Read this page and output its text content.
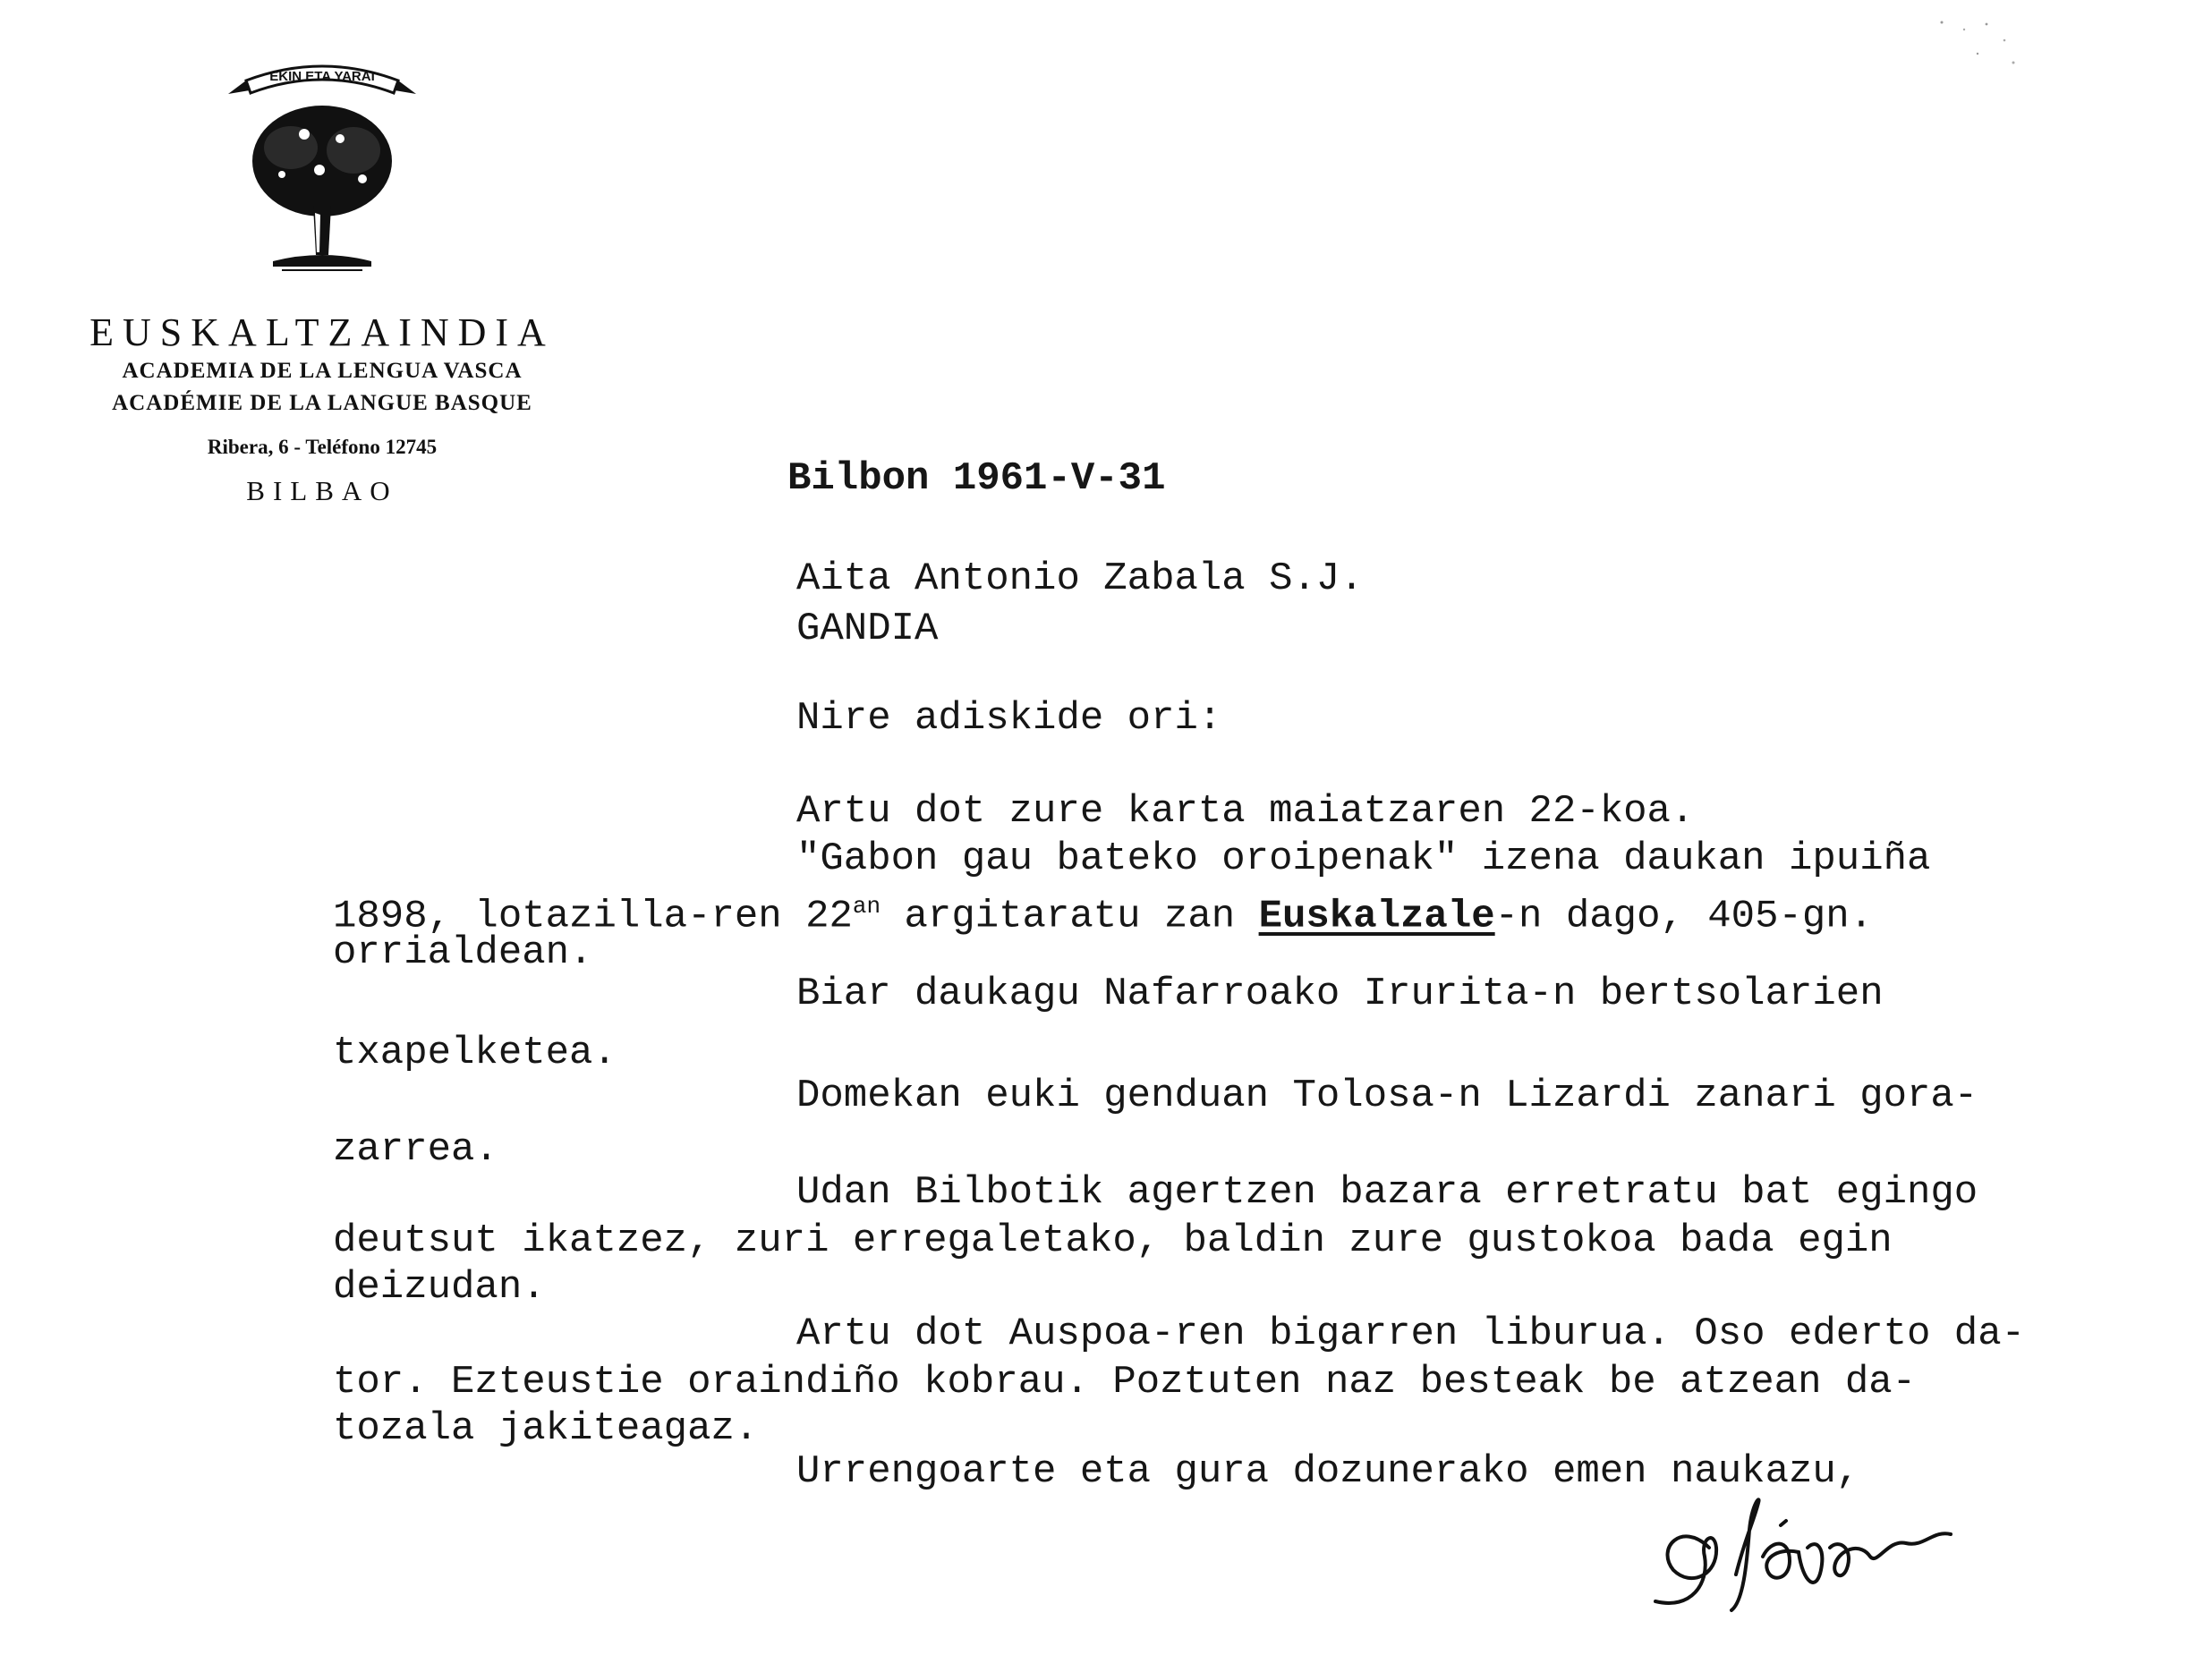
EKIN ETA YARAI
EUSKALTZAINDIA
ACADEMIA DE LA LENGUA VASCA
ACADÉMIE DE LA LANGUE BASQUE
Ribera, 6 - Teléfono 12745
BILBAO	Bilbon 1961-V-31
Aita Antonio Zabala S.J.
GANDIA
Nire adiskide ori:
Artu dot zure karta maiatzaren 22-koa.
"Gabon gau bateko oroipenak" izena daukan ipuiña
1898, lotazilla-ren $22^{an}$ argitaratu zan Euskalzale-n dago, 405-gn.
orrialdean.
Biar daukagu Nafarroako Irurita-n bertsolarien
txapelketea.
Domekan euki genduan Tolosa-n Lizardi zanari gora-
zarrea.
Udan Bilbotik agertzen bazara erretratu bat egingo
deutsut ikatzez, zuri erregaletako, baldin zure gustokoa bada egin
deizudan.
Artu dot Auspoa-ren bigarren liburua. Oso ederto da-
tor. Ezteustie oraindiño kobrau. Poztuten naz besteak be atzean da-
tozala jakiteagaz.
Urrengoarte eta gura dozunerako emen naukazu,
